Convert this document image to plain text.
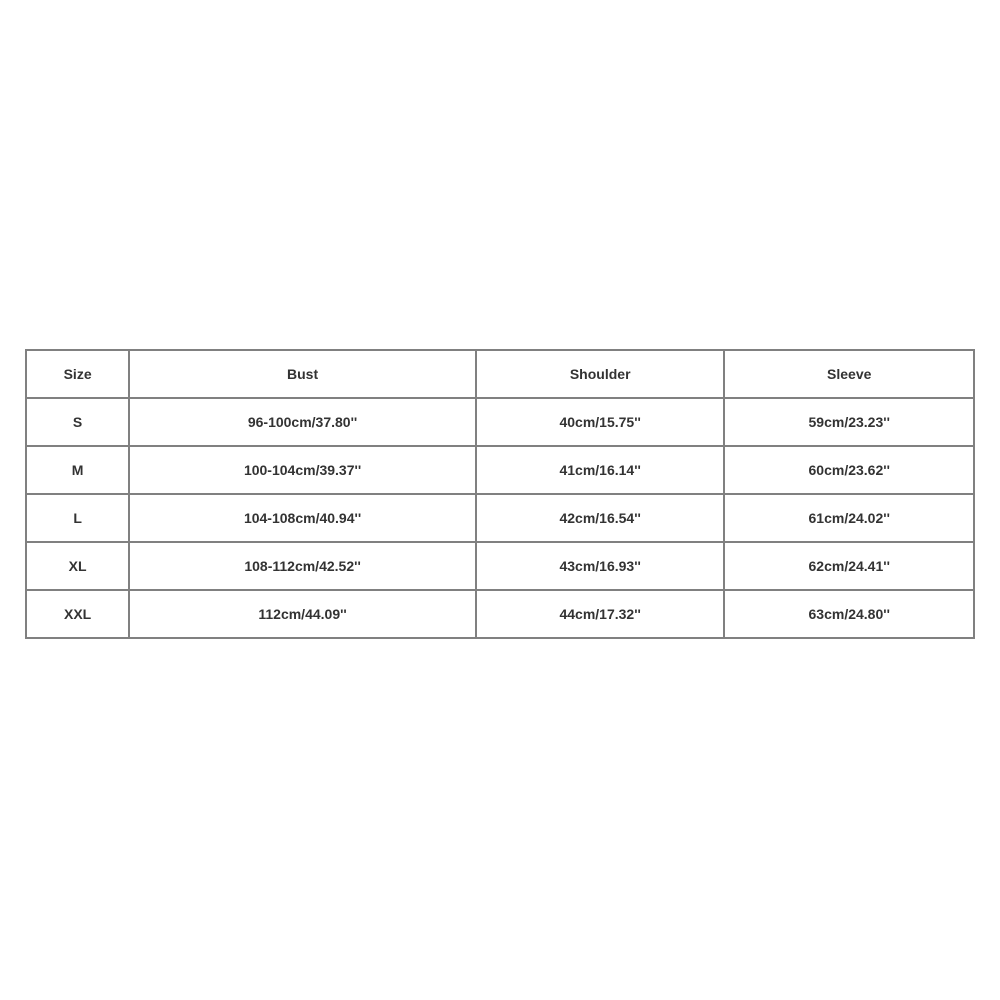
Size	Bust	Shoulder	Sleeve
S	96-100cm/37.80''	40cm/15.75''	59cm/23.23''
M	100-104cm/39.37''	41cm/16.14''	60cm/23.62''
L	104-108cm/40.94''	42cm/16.54''	61cm/24.02''
XL	108-112cm/42.52''	43cm/16.93''	62cm/24.41''
XXL	112cm/44.09''	44cm/17.32''	63cm/24.80''
